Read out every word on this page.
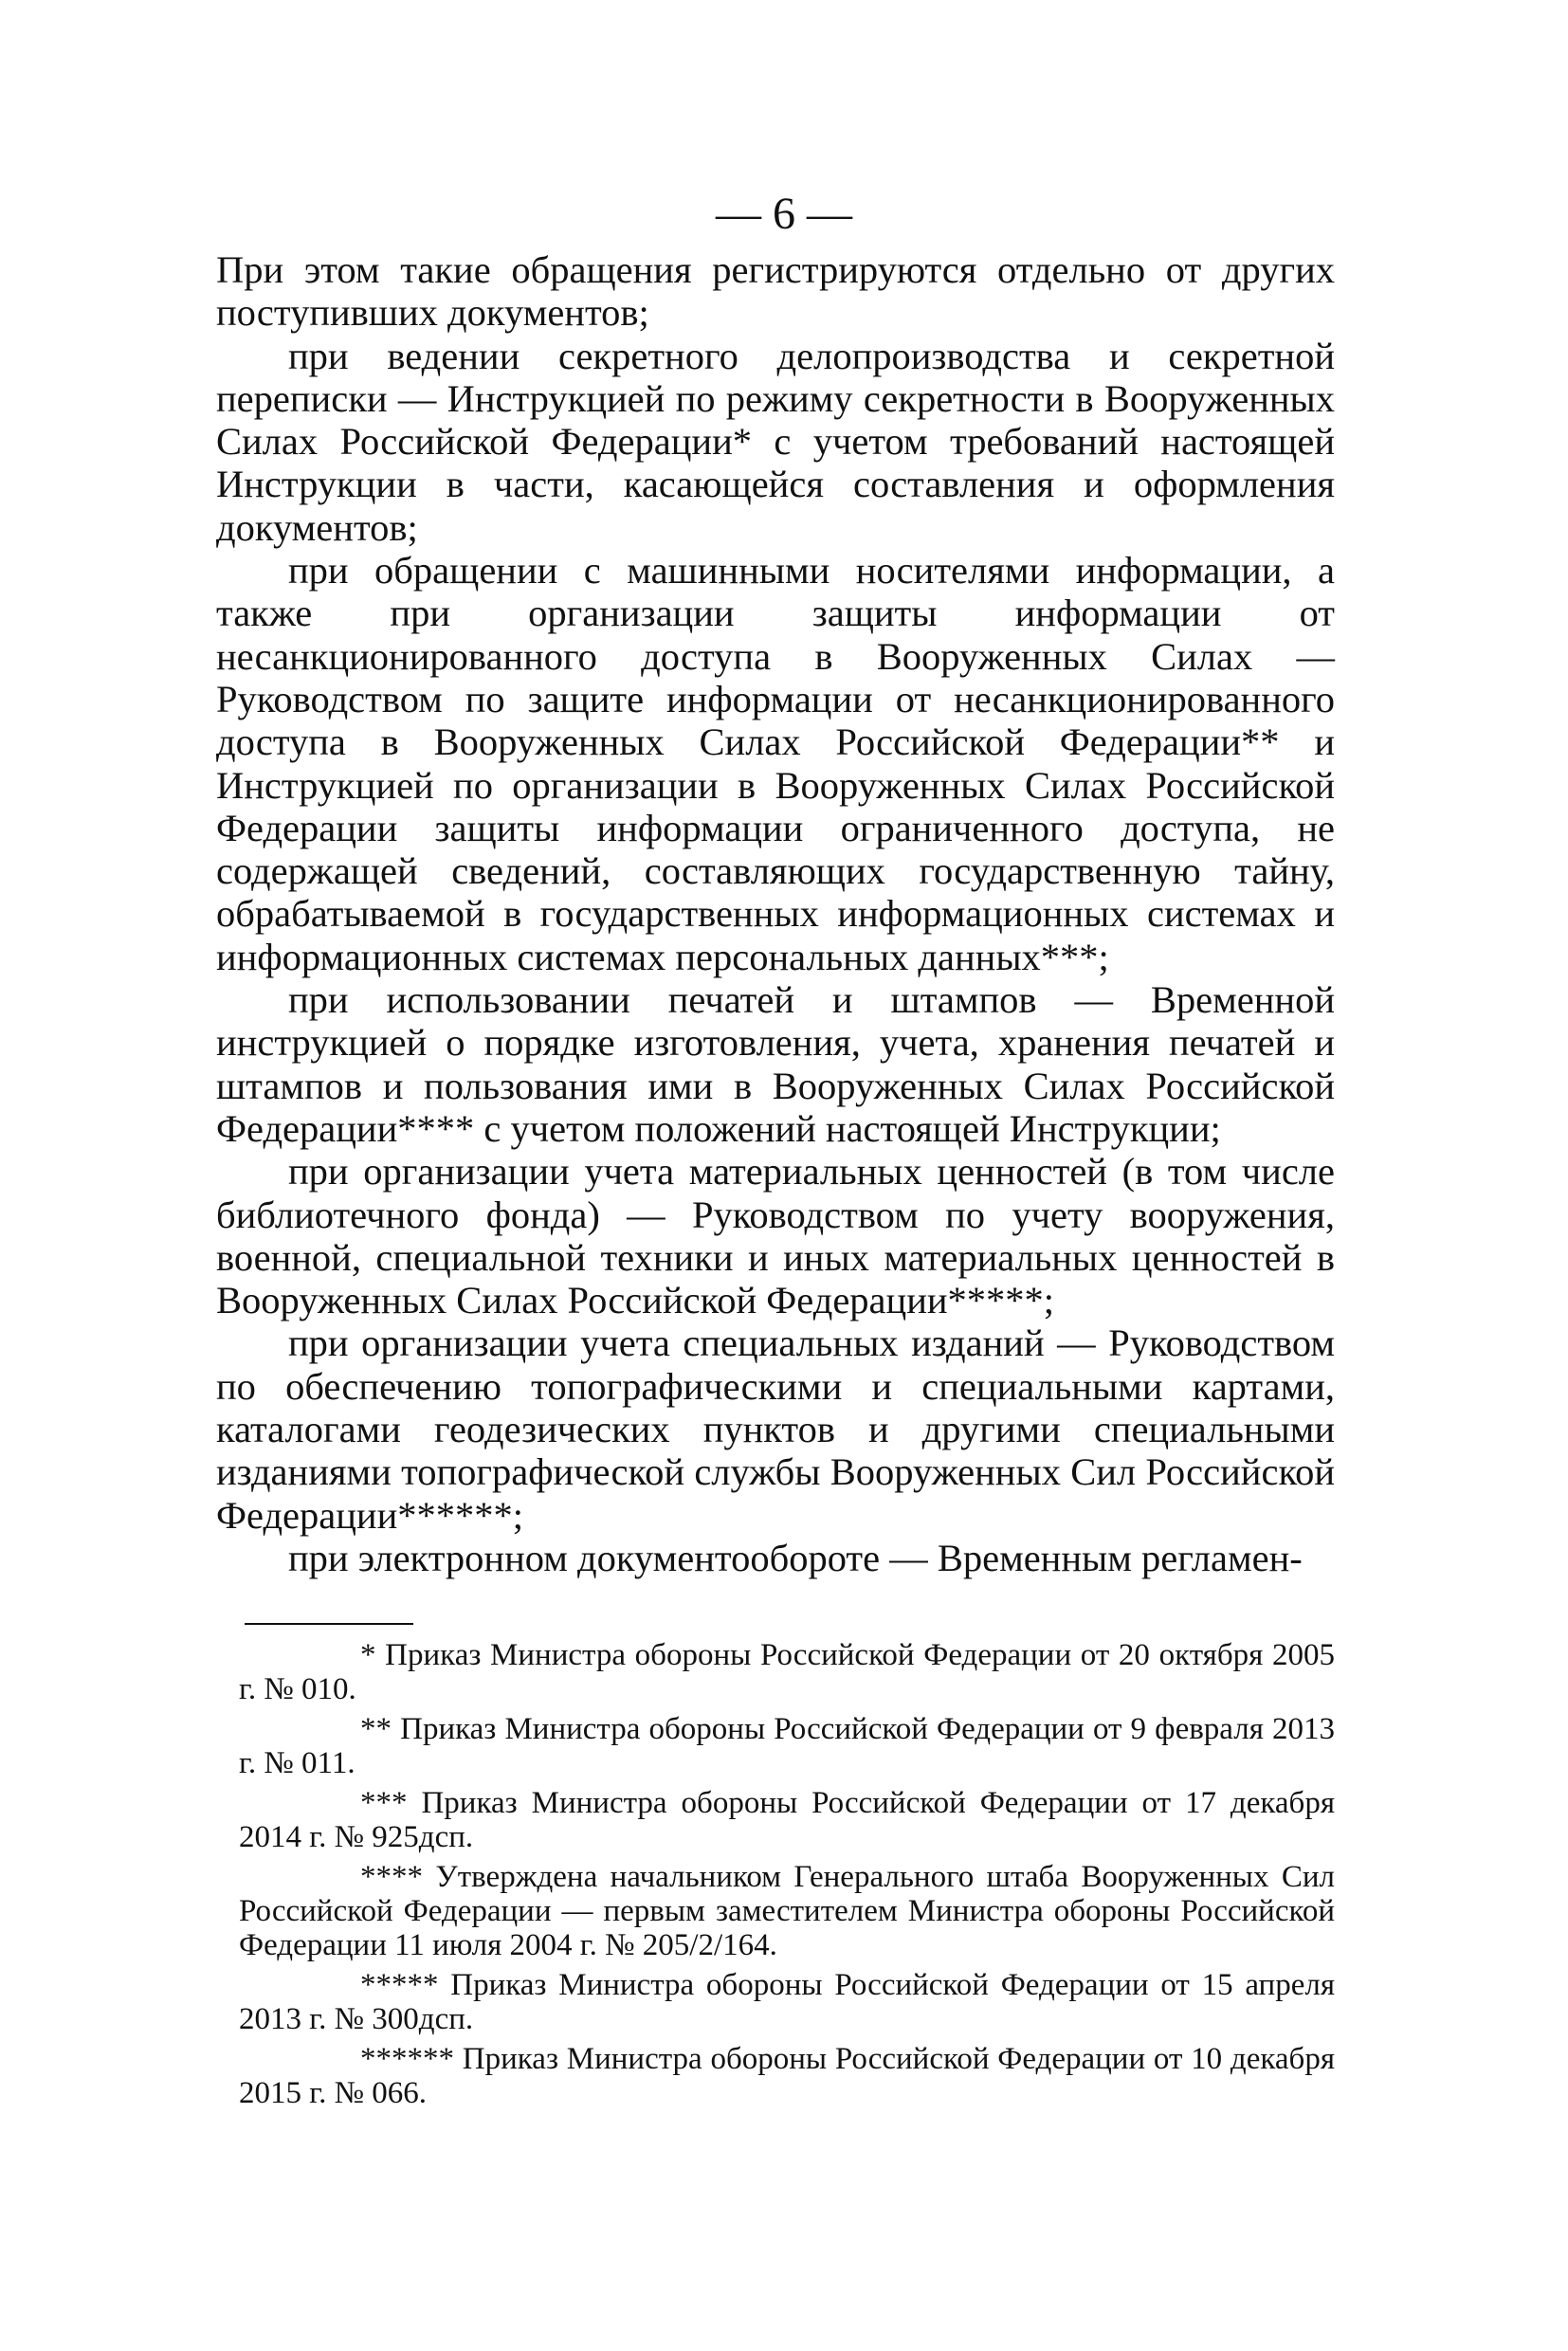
— 6 —

При этом такие обращения регистрируются отдельно от других поступивших документов;

при ведении секретного делопроизводства и секретной переписки — Инструкцией по режиму секретности в Вооруженных Силах Российской Федерации* с учетом требований настоящей Инструкции в части, касающейся составления и оформления документов;

при обращении с машинными носителями информации, а также при организации защиты информации от несанкционированного доступа в Вооруженных Силах — Руководством по защите информации от несанкционированного доступа в Вооруженных Силах Российской Федерации** и Инструкцией по организации в Вооруженных Силах Российской Федерации защиты информации ограниченного доступа, не содержащей сведений, составляющих государственную тайну, обрабатываемой в государственных информационных системах и информационных системах персональных данных***;

при использовании печатей и штампов — Временной инструкцией о порядке изготовления, учета, хранения печатей и штампов и пользования ими в Вооруженных Силах Российской Федерации**** с учетом положений настоящей Инструкции;

при организации учета материальных ценностей (в том числе библиотечного фонда) — Руководством по учету вооружения, военной, специальной техники и иных материальных ценностей в Вооруженных Силах Российской Федерации*****;

при организации учета специальных изданий — Руководством по обеспечению топографическими и специальными картами, каталогами геодезических пунктов и другими специальными изданиями топографической службы Вооруженных Сил Российской Федерации******;

при электронном документообороте — Временным регламен-

* Приказ Министра обороны Российской Федерации от 20 октября 2005 г. № 010.

** Приказ Министра обороны Российской Федерации от 9 февраля 2013 г. № 011.

*** Приказ Министра обороны Российской Федерации от 17 декабря 2014 г. № 925дсп.

**** Утверждена начальником Генерального штаба Вооруженных Сил Российской Федерации — первым заместителем Министра обороны Российской Федерации 11 июля 2004 г. № 205/2/164.

***** Приказ Министра обороны Российской Федерации от 15 апреля 2013 г. № 300дсп.

****** Приказ Министра обороны Российской Федерации от 10 декабря 2015 г. № 066.
